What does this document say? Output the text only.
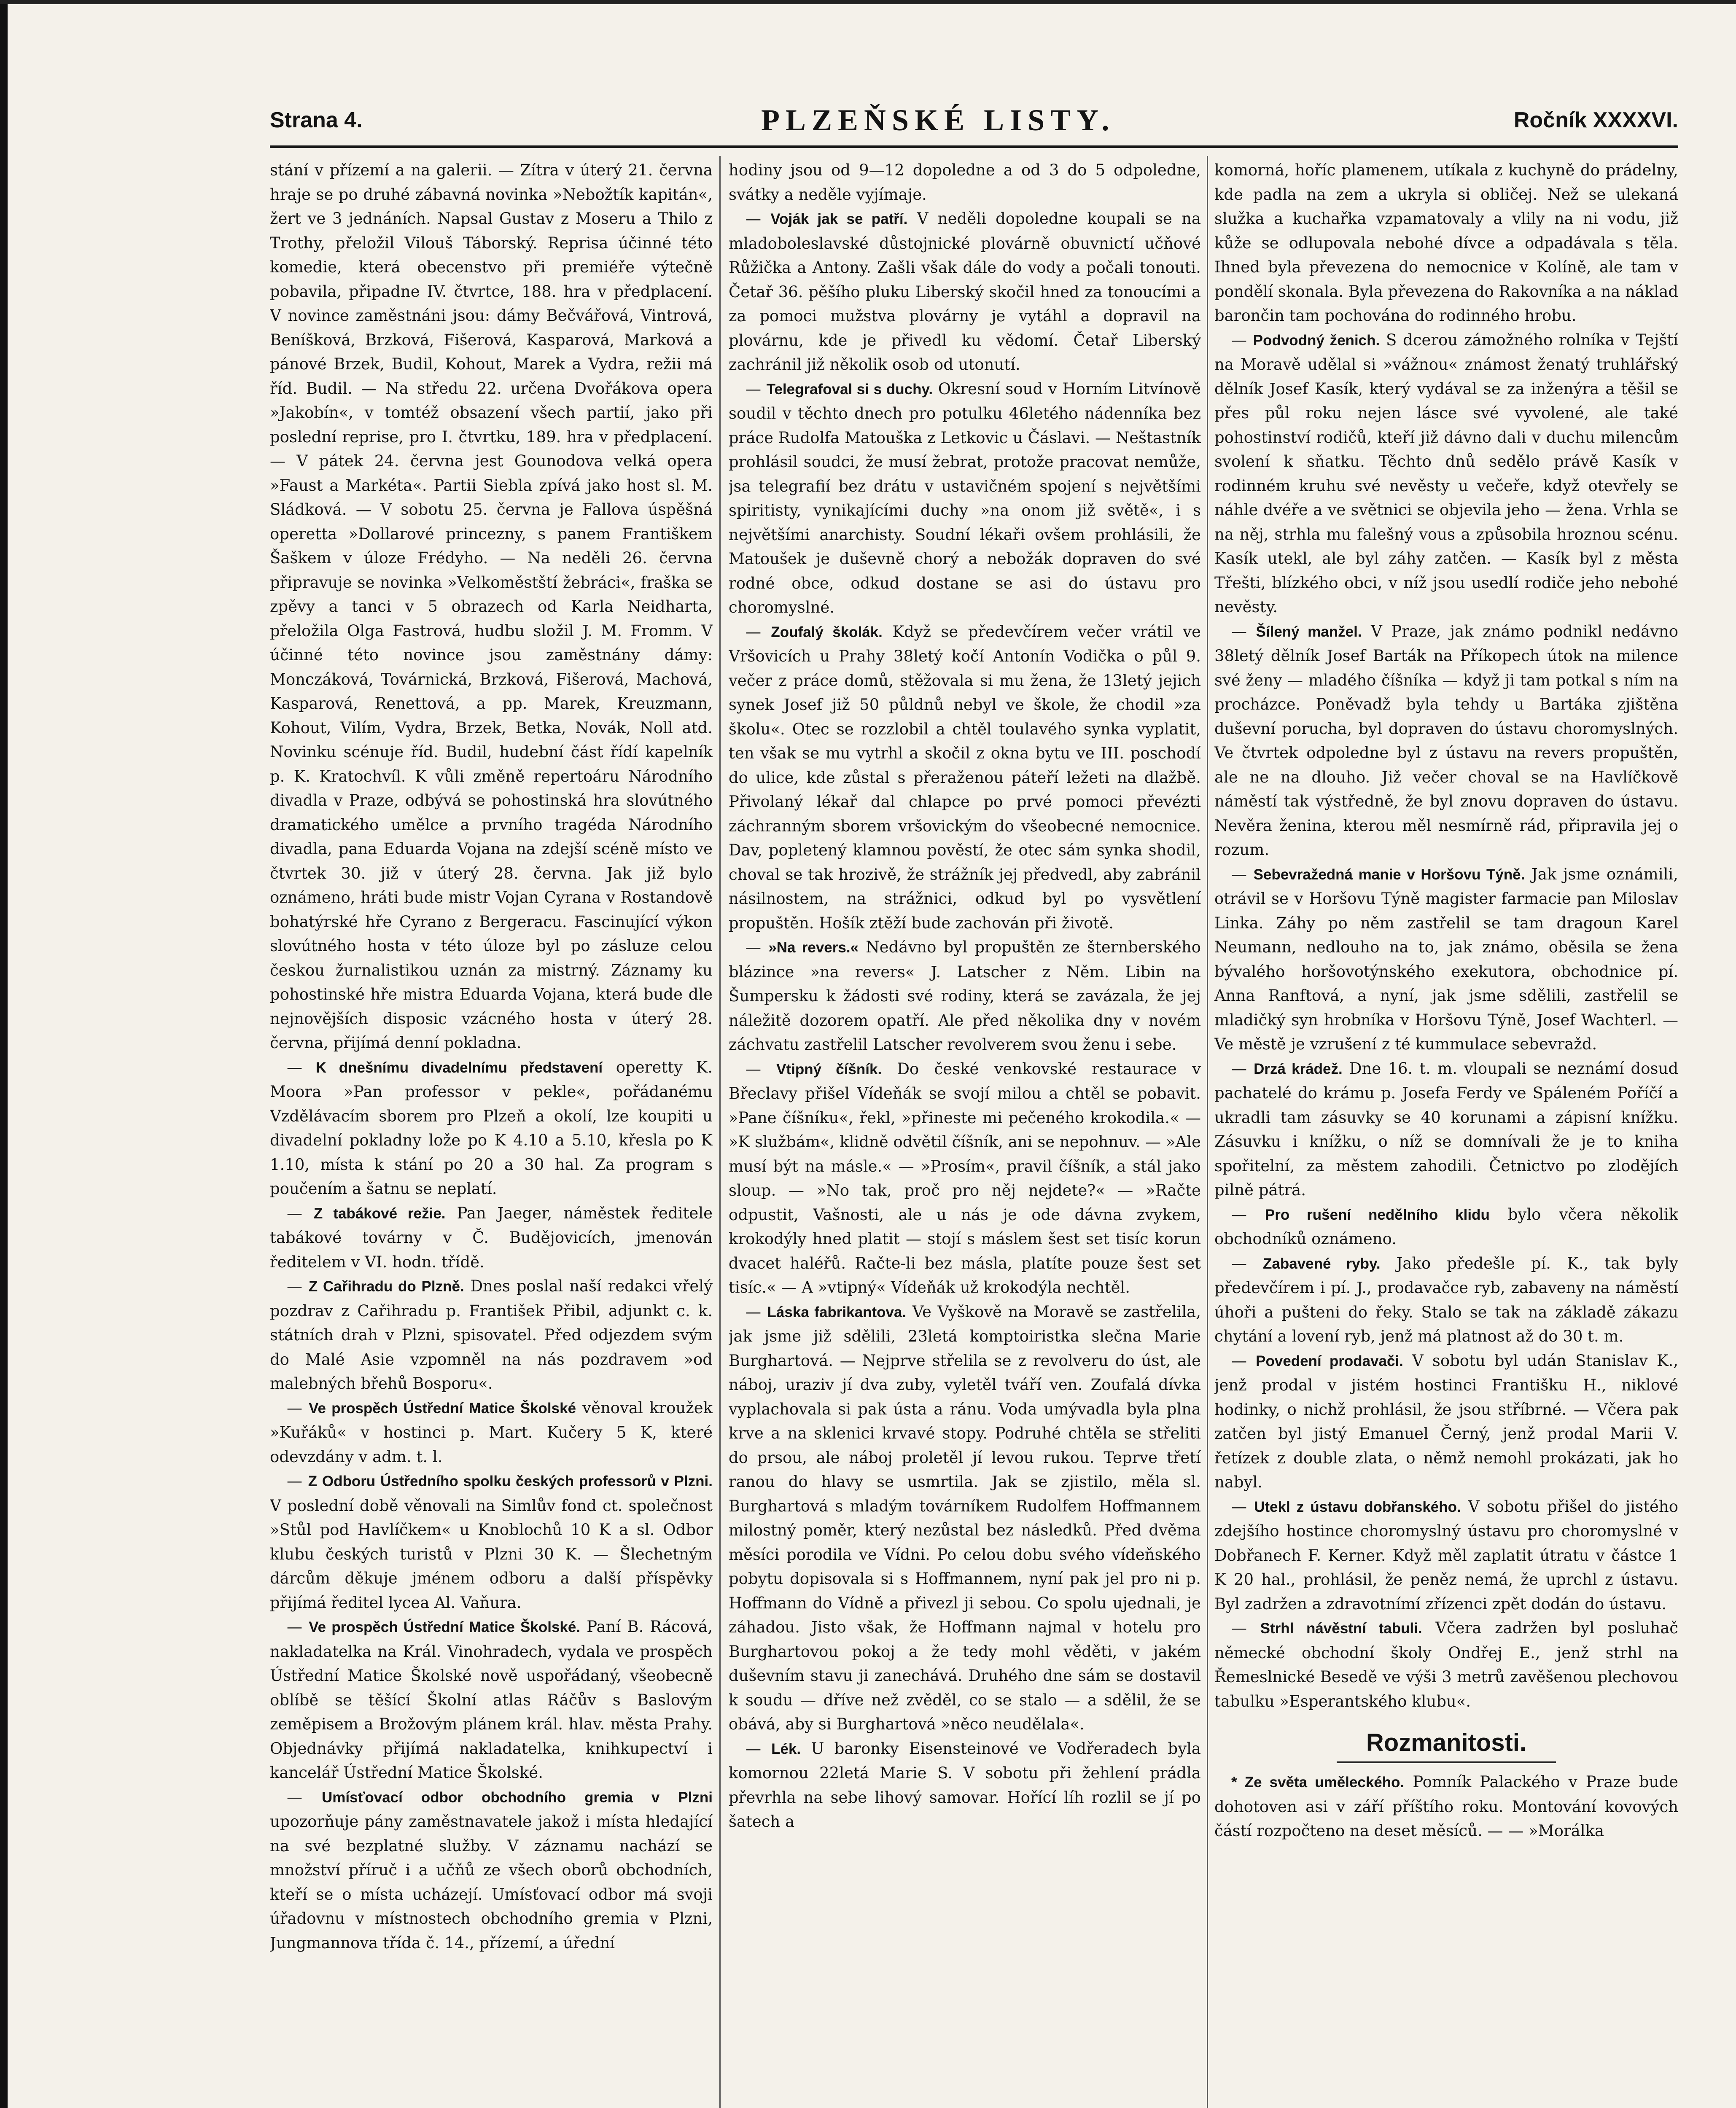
Strana 4.	PLZEŇSKÉ LISTY.	Ročník XXXXVI.

stání v přízemí a na galerii. — Zítra v úterý 21. června hraje se po druhé zábavná novinka »Nebožtík kapitán«, žert ve 3 jednáních. Napsal Gustav z Moseru a Thilo z Trothy, přeložil Vilouš Táborský. Reprisa účinné této komedie, která obecenstvo při premiéře výtečně pobavila, připadne IV. čtvrtce, 188. hra v předplacení. V novince zaměstnáni jsou: dámy Bečvářová, Vintrová, Beníšková, Brzková, Fišerová, Kasparová, Marková a pánové Brzek, Budil, Kohout, Marek a Vydra, režii má říd. Budil. — Na středu 22. určena Dvořákova opera »Jakobín«, v tomtéž obsazení všech partií, jako při poslední reprise, pro I. čtvrtku, 189. hra v předplacení. — V pátek 24. června jest Gounodova velká opera »Faust a Markéta«. Partii Siebla zpívá jako host sl. M. Sládková. — V sobotu 25. června je Fallova úspěšná operetta »Dollarové princezny, s panem Františkem Šaškem v úloze Frédyho. — Na neděli 26. června připravuje se novinka »Velkoměstští žebráci«, fraška se zpěvy a tanci v 5 obrazech od Karla Neidharta, přeložila Olga Fastrová, hudbu složil J. M. Fromm. V účinné této novince jsou zaměstnány dámy: Monczáková, Továrnická, Brzková, Fišerová, Machová, Kasparová, Renettová, a pp. Marek, Kreuzmann, Kohout, Vilím, Vydra, Brzek, Betka, Novák, Noll atd. Novinku scénuje říd. Budil, hudební část řídí kapelník p. K. Kratochvíl. K vůli změně repertoáru Národního divadla v Praze, odbývá se pohostinská hra slovútného dramatického umělce a prvního tragéda Národního divadla, pana Eduarda Vojana na zdejší scéně místo ve čtvrtek 30. již v úterý 28. června. Jak již bylo oznámeno, hráti bude mistr Vojan Cyrana v Rostandově bohatýrské hře Cyrano z Bergeracu. Fascinující výkon slovútného hosta v této úloze byl po zásluze celou českou žurnalistikou uznán za mistrný. Záznamy ku pohostinské hře mistra Eduarda Vojana, která bude dle nejnovějších disposic vzácného hosta v úterý 28. června, přijímá denní pokladna.

— K dnešnímu divadelnímu představení operetty K. Moora »Pan professor v pekle«, pořádanému Vzdělávacím sborem pro Plzeň a okolí, lze koupiti u divadelní pokladny lože po K 4.10 a 5.10, křesla po K 1.10, místa k stání po 20 a 30 hal. Za program s poučením a šatnu se neplatí.

— Z tabákové režie. Pan Jaeger, náměstek ředitele tabákové továrny v Č. Budějovicích, jmenován ředitelem v VI. hodn. třídě.

— Z Cařihradu do Plzně. Dnes poslal naší redakci vřelý pozdrav z Cařihradu p. František Přibil, adjunkt c. k. státních drah v Plzni, spisovatel. Před odjezdem svým do Malé Asie vzpomněl na nás pozdravem »od malebných břehů Bosporu«.

— Ve prospěch Ústřední Matice Školské věnoval kroužek »Kuřáků« v hostinci p. Mart. Kučery 5 K, které odevzdány v adm. t. l.

— Z Odboru Ústředního spolku českých professorů v Plzni. V poslední době věnovali na Simlův fond ct. společnost »Stůl pod Havlíčkem« u Knoblochů 10 K a sl. Odbor klubu českých turistů v Plzni 30 K. — Šlechetným dárcům děkuje jménem odboru a další příspěvky přijímá ředitel lycea Al. Vaňura.

— Ve prospěch Ústřední Matice Školské. Paní B. Rácová, nakladatelka na Král. Vinohradech, vydala ve prospěch Ústřední Matice Školské nově uspořádaný, všeobecně oblíbě se těšící Školní atlas Ráčův s Baslovým zeměpisem a Brožovým plánem král. hlav. města Prahy. Objednávky přijímá nakladatelka, knihkupectví i kancelář Ústřední Matice Školské.

— Umísťovací odbor obchodního gremia v Plzni upozorňuje pány zaměstnavatele jakož i místa hledající na své bezplatné služby. V záznamu nachází se množství příruč i a učňů ze všech oborů obchodních, kteří se o místa ucházejí. Umísťovací odbor má svoji úřadovnu v místnostech obchodního gremia v Plzni, Jungmannova třída č. 14., přízemí, a úřední

hodiny jsou od 9—12 dopoledne a od 3 do 5 odpoledne, svátky a neděle vyjímaje.

— Voják jak se patří. V neděli dopoledne koupali se na mladoboleslavské důstojnické plovárně obuvnictí učňové Růžička a Antony. Zašli však dále do vody a počali tonouti. Četař 36. pěšího pluku Liberský skočil hned za tonoucími a za pomoci mužstva plovárny je vytáhl a dopravil na plovárnu, kde je přivedl ku vědomí. Četař Liberský zachránil již několik osob od utonutí.

— Telegrafoval si s duchy. Okresní soud v Horním Litvínově soudil v těchto dnech pro potulku 46letého nádenníka bez práce Rudolfa Matouška z Letkovic u Čáslavi. — Neštastník prohlásil soudci, že musí žebrat, protože pracovat nemůže, jsa telegrafií bez drátu v ustavičném spojení s největšími spiritisty, vynikajícími duchy »na onom již světě«, i s největšími anarchisty. Soudní lékaři ovšem prohlásili, že Matoušek je duševně chorý a nebožák dopraven do své rodné obce, odkud dostane se asi do ústavu pro choromyslné.

— Zoufalý školák. Když se předevčírem večer vrátil ve Vršovicích u Prahy 38letý kočí Antonín Vodička o půl 9. večer z práce domů, stěžovala si mu žena, že 13letý jejich synek Josef již 50 půldnů nebyl ve škole, že chodil »za školu«. Otec se rozzlobil a chtěl toulavého synka vyplatit, ten však se mu vytrhl a skočil z okna bytu ve III. poschodí do ulice, kde zůstal s přeraženou páteří ležeti na dlažbě. Přivolaný lékař dal chlapce po prvé pomoci převézti záchranným sborem vršovickým do všeobecné nemocnice. Dav, popletený klamnou pověstí, že otec sám synka shodil, choval se tak hrozivě, že strážník jej předvedl, aby zabránil násilnostem, na strážnici, odkud byl po vysvětlení propuštěn. Hošík ztěží bude zachován při životě.

— »Na revers.« Nedávno byl propuštěn ze šternberského blázince »na revers« J. Latscher z Něm. Libin na Šumpersku k žádosti své rodiny, která se zavázala, že jej náležitě dozorem opatří. Ale před několika dny v novém záchvatu zastřelil Latscher revolverem svou ženu i sebe.

— Vtipný číšník. Do české venkovské restaurace v Břeclavy přišel Vídeňák se svojí milou a chtěl se pobavit. »Pane číšníku«, řekl, »přineste mi pečeného krokodila.« — »K službám«, klidně odvětil číšník, ani se nepohnuv. — »Ale musí být na másle.« — »Prosím«, pravil číšník, a stál jako sloup. — »No tak, proč pro něj nejdete?« — »Račte odpustit, Vašnosti, ale u nás je ode dávna zvykem, krokodýly hned platit — stojí s máslem šest set tisíc korun dvacet haléřů. Račte-li bez másla, platíte pouze šest set tisíc.« — A »vtipný« Vídeňák už krokodýla nechtěl.

— Láska fabrikantova. Ve Vyškově na Moravě se zastřelila, jak jsme již sdělili, 23letá komptoiristka slečna Marie Burghartová. — Nejprve střelila se z revolveru do úst, ale náboj, uraziv jí dva zuby, vyletěl tváří ven. Zoufalá dívka vyplachovala si pak ústa a ránu. Voda umývadla byla plna krve a na sklenici krvavé stopy. Podruhé chtěla se střeliti do prsou, ale náboj proletěl jí levou rukou. Teprve třetí ranou do hlavy se usmrtila. Jak se zjistilo, měla sl. Burghartová s mladým továrníkem Rudolfem Hoffmannem milostný poměr, který nezůstal bez následků. Před dvěma měsíci porodila ve Vídni. Po celou dobu svého vídeňského pobytu dopisovala si s Hoffmannem, nyní pak jel pro ni p. Hoffmann do Vídně a přivezl ji sebou. Co spolu ujednali, je záhadou. Jisto však, že Hoffmann najmal v hotelu pro Burghartovou pokoj a že tedy mohl věděti, v jakém duševním stavu ji zanechává. Druhého dne sám se dostavil k soudu — dříve než zvěděl, co se stalo — a sdělil, že se obává, aby si Burghartová »něco neudělala«.

— Lék. U baronky Eisensteinové ve Vodřeradech byla komornou 22letá Marie S. V sobotu při žehlení prádla převrhla na sebe lihový samovar. Hořící líh rozlil se jí po šatech a

komorná, hoříc plamenem, utíkala z kuchyně do prádelny, kde padla na zem a ukryla si obličej. Než se ulekaná služka a kuchařka vzpamatovaly a vlily na ni vodu, již kůže se odlupovala nebohé dívce a odpadávala s těla. Ihned byla převezena do nemocnice v Kolíně, ale tam v pondělí skonala. Byla převezena do Rakovníka a na náklad barončin tam pochována do rodinného hrobu.

— Podvodný ženich. S dcerou zámožného rolníka v Tejští na Moravě udělal si »vážnou« známost ženatý truhlářský dělník Josef Kasík, který vydával se za inženýra a těšil se přes půl roku nejen lásce své vyvolené, ale také pohostinství rodičů, kteří již dávno dali v duchu milencům svolení k sňatku. Těchto dnů sedělo právě Kasík v rodinném kruhu své nevěsty u večeře, když otevřely se náhle dvéře a ve světnici se objevila jeho — žena. Vrhla se na něj, strhla mu falešný vous a způsobila hroznou scénu. Kasík utekl, ale byl záhy zatčen. — Kasík byl z města Třešti, blízkého obci, v níž jsou usedlí rodiče jeho nebohé nevěsty.

— Šílený manžel. V Praze, jak známo podnikl nedávno 38letý dělník Josef Barták na Příkopech útok na milence své ženy — mladého číšníka — když ji tam potkal s ním na procházce. Poněvadž byla tehdy u Bartáka zjištěna duševní porucha, byl dopraven do ústavu choromyslných. Ve čtvrtek odpoledne byl z ústavu na revers propuštěn, ale ne na dlouho. Již večer choval se na Havlíčkově náměstí tak výstředně, že byl znovu dopraven do ústavu. Nevěra ženina, kterou měl nesmírně rád, připravila jej o rozum.

— Sebevražedná manie v Horšovu Týně. Jak jsme oznámili, otrávil se v Horšovu Týně magister farmacie pan Miloslav Linka. Záhy po něm zastřelil se tam dragoun Karel Neumann, nedlouho na to, jak známo, oběsila se žena bývalého horšovotýnského exekutora, obchodnice pí. Anna Ranftová, a nyní, jak jsme sdělili, zastřelil se mladičký syn hrobníka v Horšovu Týně, Josef Wachterl. — Ve městě je vzrušení z té kummulace sebevražd.

— Drzá krádež. Dne 16. t. m. vloupali se neznámí dosud pachatelé do krámu p. Josefa Ferdy ve Spáleném Poříčí a ukradli tam zásuvky se 40 korunami a zápisní knížku. Zásuvku i knížku, o níž se domnívali že je to kniha spořitelní, za městem zahodili. Četnictvo po zlodějích pilně pátrá.

— Pro rušení nedělního klidu bylo včera několik obchodníků oznámeno.

— Zabavené ryby. Jako předešle pí. K., tak byly předevčírem i pí. J., prodavačce ryb, zabaveny na náměstí úhoři a pušteni do řeky. Stalo se tak na základě zákazu chytání a lovení ryb, jenž má platnost až do 30 t. m.

— Povedení prodavači. V sobotu byl udán Stanislav K., jenž prodal v jistém hostinci Františku H., niklové hodinky, o nichž prohlásil, že jsou stříbrné. — Včera pak zatčen byl jistý Emanuel Černý, jenž prodal Marii V. řetízek z double zlata, o němž nemohl prokázati, jak ho nabyl.

— Utekl z ústavu dobřanského. V sobotu přišel do jistého zdejšího hostince choromyslný ústavu pro choromyslné v Dobřanech F. Kerner. Když měl zaplatit útratu v částce 1 K 20 hal., prohlásil, že peněz nemá, že uprchl z ústavu. Byl zadržen a zdravotnímí zřízenci zpět dodán do ústavu.

— Strhl návěstní tabuli. Včera zadržen byl posluhač německé obchodní školy Ondřej E., jenž strhl na Řemeslnické Besedě ve výši 3 metrů zavěšenou plechovou tabulku »Esperantského klubu«.

Rozmanitosti.

* Ze světa uměleckého. Pomník Palackého v Praze bude dohotoven asi v září příštího roku. Montování kovových částí rozpočteno na deset měsíců. — — »Morálka
